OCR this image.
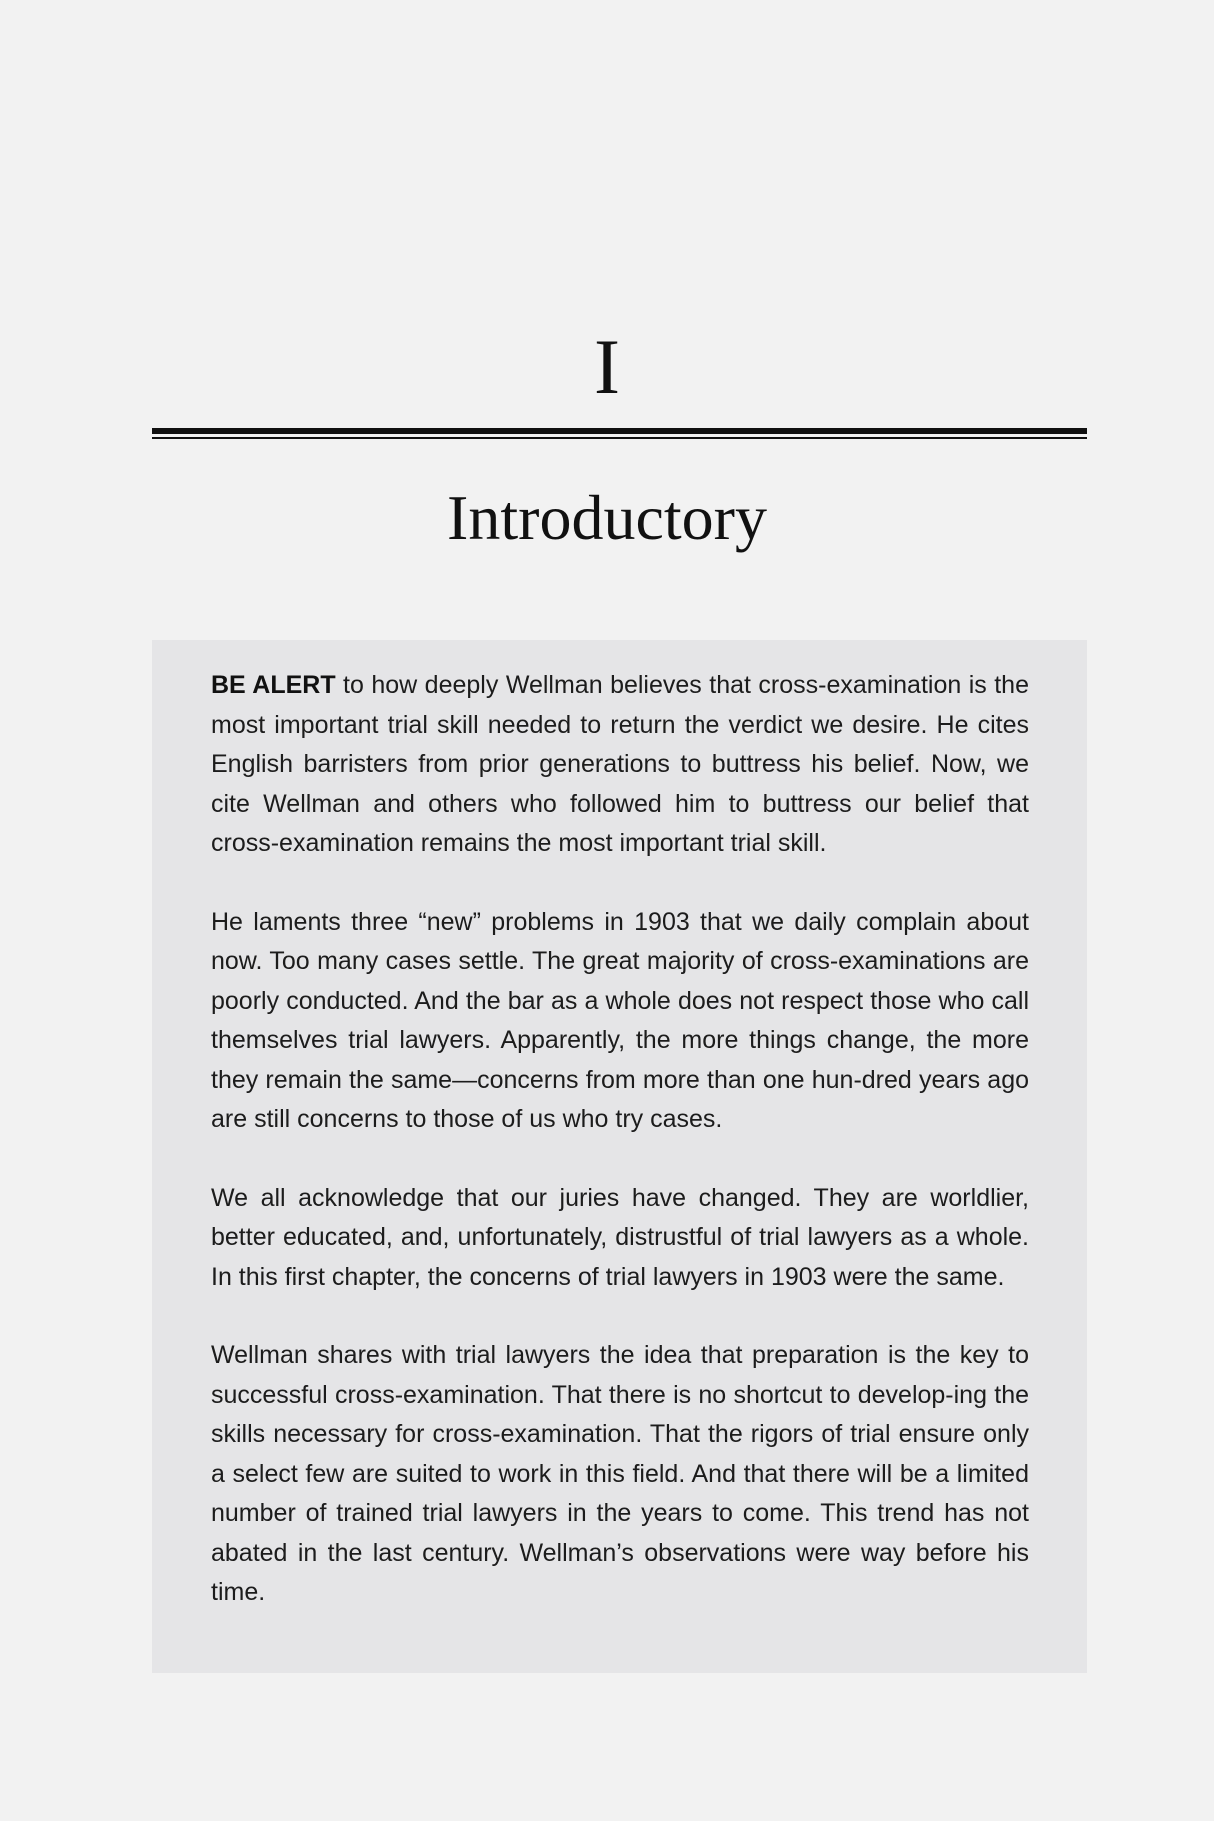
I
Introductory

BE ALERT to how deeply Wellman believes that cross-examination is the most important trial skill needed to return the verdict we desire. He cites English barristers from prior generations to buttress his belief. Now, we cite Wellman and others who followed him to buttress our belief that cross-examination remains the most important trial skill.

He laments three “new” problems in 1903 that we daily complain about now. Too many cases settle. The great majority of cross-examinations are poorly conducted. And the bar as a whole does not respect those who call themselves trial lawyers. Apparently, the more things change, the more they remain the same—concerns from more than one hun-dred years ago are still concerns to those of us who try cases.

We all acknowledge that our juries have changed. They are worldlier, better educated, and, unfortunately, distrustful of trial lawyers as a whole. In this first chapter, the concerns of trial lawyers in 1903 were the same.

Wellman shares with trial lawyers the idea that preparation is the key to successful cross-examination. That there is no shortcut to develop-ing the skills necessary for cross-examination. That the rigors of trial ensure only a select few are suited to work in this field. And that there will be a limited number of trained trial lawyers in the years to come. This trend has not abated in the last century. Wellman’s observations were way before his time.
